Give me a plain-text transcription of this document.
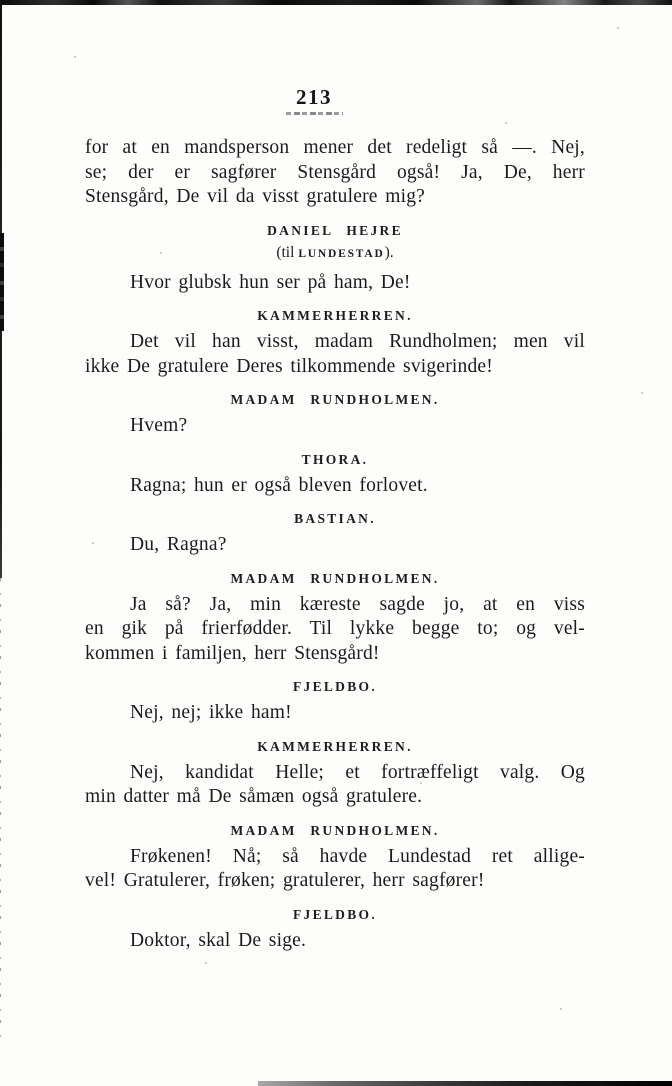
213
for at en mandsperson mener det redeligt så —. Nej,
se; der er sagfører Stensgård også! Ja, De, herr
Stensgård, De vil da visst gratulere mig?
DANIEL HEJRE
(til LUNDESTAD).
Hvor glubsk hun ser på ham, De!
KAMMERHERREN.
Det vil han visst, madam Rundholmen; men vil
ikke De gratulere Deres tilkommende svigerinde!
MADAM RUNDHOLMEN.
Hvem?
THORA.
Ragna; hun er også bleven forlovet.
BASTIAN.
Du, Ragna?
MADAM RUNDHOLMEN.
Ja så? Ja, min kæreste sagde jo, at en viss
en gik på frierfødder. Til lykke begge to; og vel-
kommen i familjen, herr Stensgård!
FJELDBO.
Nej, nej; ikke ham!
KAMMERHERREN.
Nej, kandidat Helle; et fortræffeligt valg. Og
min datter må De såmæn også gratulere.
MADAM RUNDHOLMEN.
Frøkenen! Nå; så havde Lundestad ret allige-
vel! Gratulerer, frøken; gratulerer, herr sagfører!
FJELDBO.
Doktor, skal De sige.
